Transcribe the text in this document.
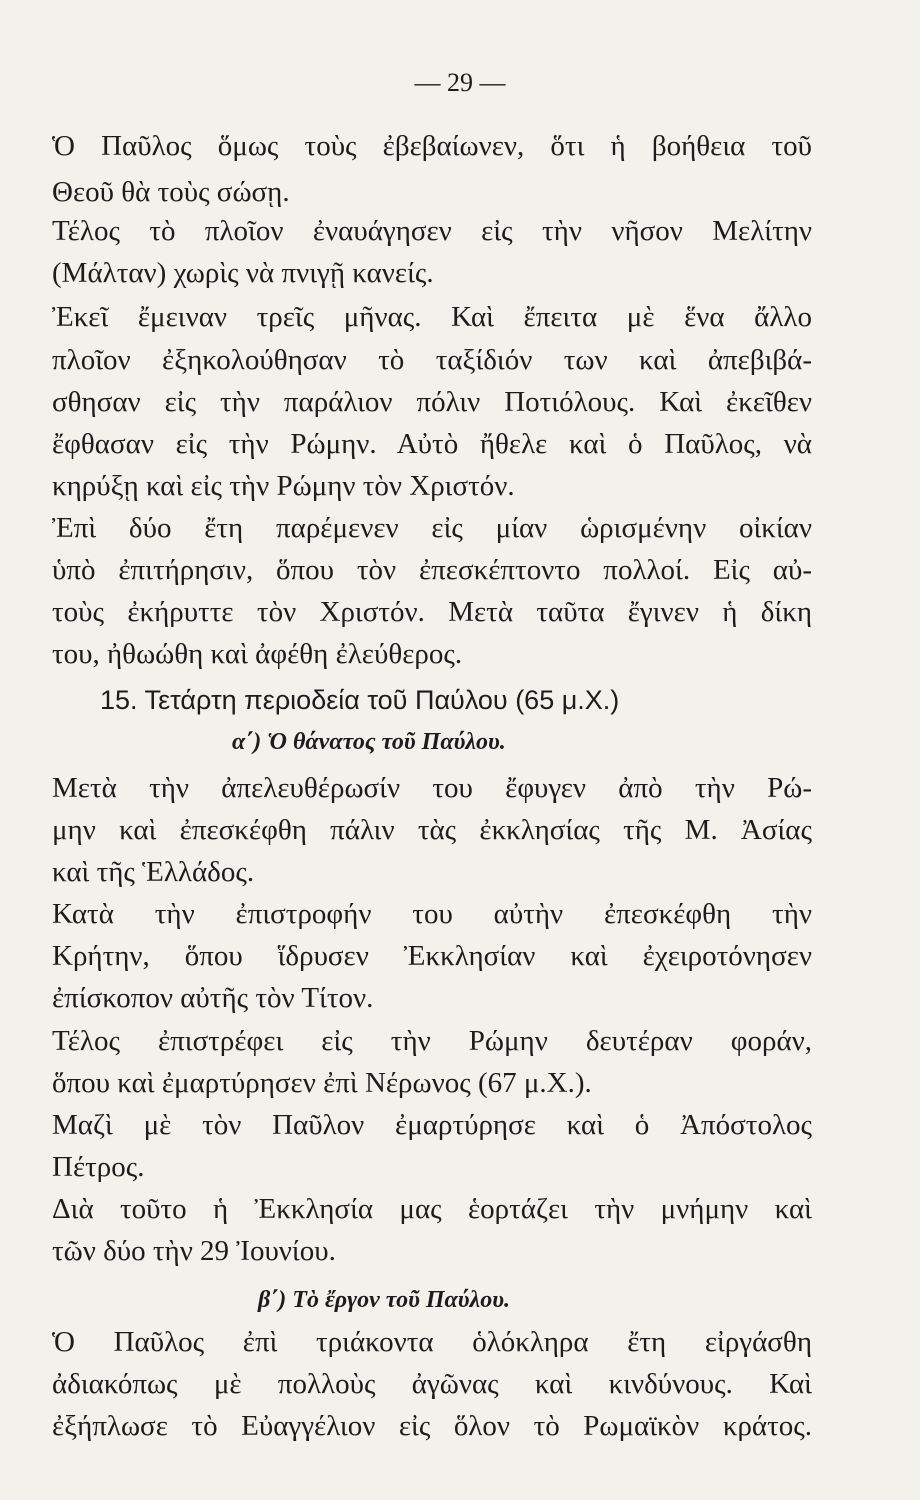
— 29 —
Ὁ Παῦλος ὅμως τοὺς ἐβεβαίωνεν, ὅτι ἡ βοήθεια τοῦ
Θεοῦ θὰ τοὺς σώσῃ.
Τέλος τὸ πλοῖον ἐναυάγησεν εἰς τὴν νῆσον Μελίτην
(Μάλταν) χωρὶς νὰ πνιγῇ κανείς.
Ἐκεῖ ἔμειναν τρεῖς μῆνας. Καὶ ἔπειτα μὲ ἕνα ἄλλο
πλοῖον ἐξηκολούθησαν τὸ ταξίδιόν των καὶ ἀπεβιβά-
σθησαν εἰς τὴν παράλιον πόλιν Ποτιόλους. Καὶ ἐκεῖθεν
ἔφθασαν εἰς τὴν Ρώμην. Αὐτὸ ἤθελε καὶ ὁ Παῦλος, νὰ
κηρύξῃ καὶ εἰς τὴν Ρώμην τὸν Χριστόν.
Ἐπὶ δύο ἔτη παρέμενεν εἰς μίαν ὡρισμένην οἰκίαν
ὑπὸ ἐπιτήρησιν, ὅπου τὸν ἐπεσκέπτοντο πολλοί. Εἰς αὐ-
τοὺς ἐκήρυττε τὸν Χριστόν. Μετὰ ταῦτα ἔγινεν ἡ δίκη
του, ἠθωώθη καὶ ἀφέθη ἐλεύθερος.
15. Τετάρτη περιοδεία τοῦ Παύλου (65 μ.Χ.)
α΄) Ὁ θάνατος τοῦ Παύλου.
Μετὰ τὴν ἀπελευθέρωσίν του ἔφυγεν ἀπὸ τὴν Ρώ-
μην καὶ ἐπεσκέφθη πάλιν τὰς ἐκκλησίας τῆς Μ. Ἀσίας
καὶ τῆς Ἑλλάδος.
Κατὰ τὴν ἐπιστροφήν του αὐτὴν ἐπεσκέφθη τὴν
Κρήτην, ὅπου ἵδρυσεν Ἐκκλησίαν καὶ ἐχειροτόνησεν
ἐπίσκοπον αὐτῆς τὸν Τίτον.
Τέλος ἐπιστρέφει εἰς τὴν Ρώμην δευτέραν φοράν,
ὅπου καὶ ἐμαρτύρησεν ἐπὶ Νέρωνος (67 μ.Χ.).
Μαζὶ μὲ τὸν Παῦλον ἐμαρτύρησε καὶ ὁ Ἀπόστολος
Πέτρος.
Διὰ τοῦτο ἡ Ἐκκλησία μας ἑορτάζει τὴν μνήμην καὶ
τῶν δύο τὴν 29 Ἰουνίου.
β΄) Τὸ ἔργον τοῦ Παύλου.
Ὁ Παῦλος ἐπὶ τριάκοντα ὁλόκληρα ἔτη εἰργάσθη
ἀδιακόπως μὲ πολλοὺς ἀγῶνας καὶ κινδύνους. Καὶ
ἐξήπλωσε τὸ Εὐαγγέλιον εἰς ὅλον τὸ Ρωμαϊκὸν κράτος.
